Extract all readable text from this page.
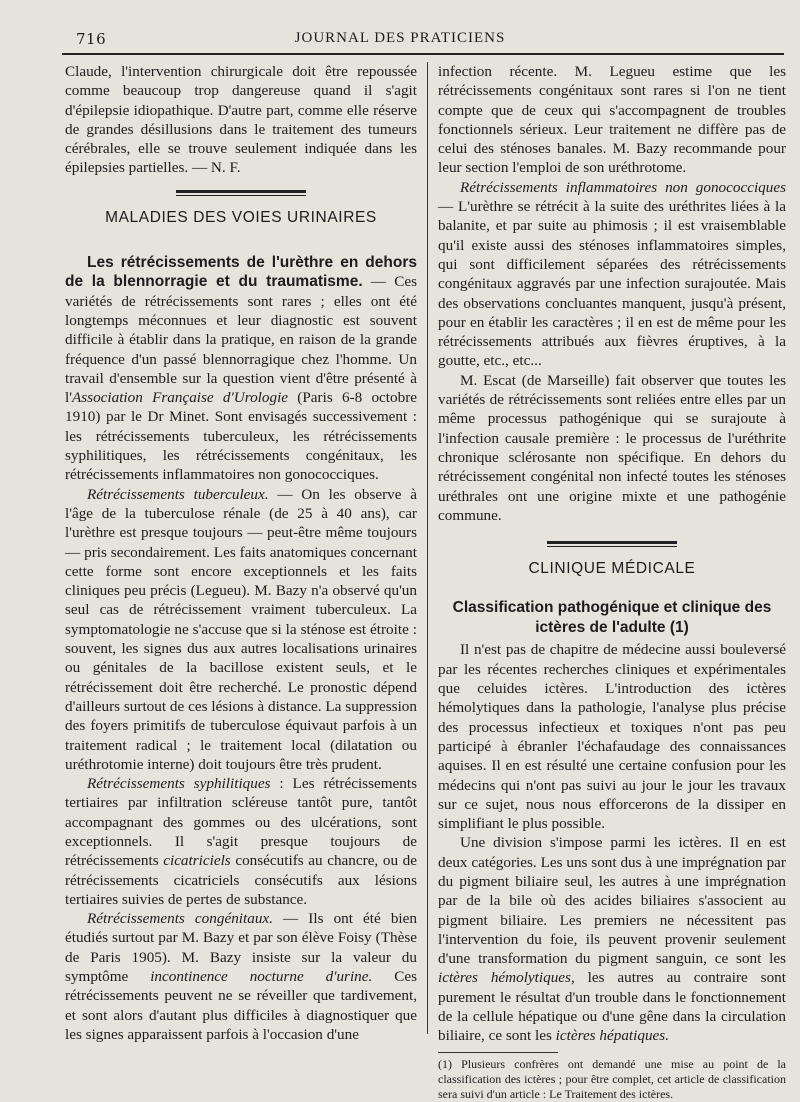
716	JOURNAL DES PRATICIENS

Claude, l'intervention chirurgicale doit être repoussée comme beaucoup trop dangereuse quand il s'agit d'épilepsie idiopathique. D'autre part, comme elle réserve de grandes désillusions dans le traitement des tumeurs cérébrales, elle se trouve seulement indiquée dans les épilepsies partielles. — N. F.

MALADIES DES VOIES URINAIRES

Les rétrécissements de l'urèthre en dehors de la blennorragie et du traumatisme. — Ces variétés de rétrécissements sont rares ; elles ont été longtemps méconnues et leur diagnostic est souvent difficile à établir dans la pratique, en raison de la grande fréquence d'un passé blennorragique chez l'homme. Un travail d'ensemble sur la question vient d'être présenté à l'Association Française d'Urologie (Paris 6-8 octobre 1910) par le Dr Minet. Sont envisagés successivement : les rétrécissements tuberculeux, les rétrécissements syphilitiques, les rétrécissements congénitaux, les rétrécissements inflammatoires non gonococciques.

Rétrécissements tuberculeux. — On les observe à l'âge de la tuberculose rénale (de 25 à 40 ans), car l'urèthre est presque toujours — peut-être même toujours — pris secondairement. Les faits anatomiques concernant cette forme sont encore exceptionnels et les faits cliniques peu précis (Legueu). M. Bazy n'a observé qu'un seul cas de rétrécissement vraiment tuberculeux. La symptomatologie ne s'accuse que si la sténose est étroite : souvent, les signes dus aux autres localisations urinaires ou génitales de la bacillose existent seuls, et le rétrécissement doit être recherché. Le pronostic dépend d'ailleurs surtout de ces lésions à distance. La suppression des foyers primitifs de tuberculose équivaut parfois à un traitement radical ; le traitement local (dilatation ou uréthrotomie interne) doit toujours être très prudent.

Rétrécissements syphilitiques : Les rétrécissements tertiaires par infiltration scléreuse tantôt pure, tantôt accompagnant des gommes ou des ulcérations, sont exceptionnels. Il s'agit presque toujours de rétrécissements cicatriciels consécutifs au chancre, ou de rétrécissements cicatriciels consécutifs aux lésions tertiaires suivies de pertes de substance.

Rétrécissements congénitaux. — Ils ont été bien étudiés surtout par M. Bazy et par son élève Foisy (Thèse de Paris 1905). M. Bazy insiste sur la valeur du symptôme incontinence nocturne d'urine. Ces rétrécissements peuvent ne se réveiller que tardivement, et sont alors d'autant plus difficiles à diagnostiquer que les signes apparaissent parfois à l'occasion d'une

infection récente. M. Legueu estime que les rétrécissements congénitaux sont rares si l'on ne tient compte que de ceux qui s'accompagnent de troubles fonctionnels sérieux. Leur traitement ne diffère pas de celui des sténoses banales. M. Bazy recommande pour leur section l'emploi de son uréthrotome.

Rétrécissements inflammatoires non gonococciques — L'urèthre se rétrécit à la suite des uréthrites liées à la balanite, et par suite au phimosis ; il est vraisemblable qu'il existe aussi des sténoses inflammatoires simples, qui sont difficilement séparées des rétrécissements congénitaux aggravés par une infection surajoutée. Mais des observations concluantes manquent, jusqu'à présent, pour en établir les caractères ; il en est de même pour les rétrécissements attribués aux fièvres éruptives, à la goutte, etc., etc...

M. Escat (de Marseille) fait observer que toutes les variétés de rétrécissements sont reliées entre elles par un même processus pathogénique qui se surajoute à l'infection causale première : le processus de l'uréthrite chronique sclérosante non spécifique. En dehors du rétrécissement congénital non infecté toutes les sténoses uréthrales ont une origine mixte et une pathogénie commune.

CLINIQUE MÉDICALE
Classification pathogénique et clinique des ictères de l'adulte (1)

Il n'est pas de chapitre de médecine aussi bouleversé par les récentes recherches cliniques et expérimentales que celuides ictères. L'introduction des ictères hémolytiques dans la pathologie, l'analyse plus précise des processus infectieux et toxiques n'ont pas peu participé à ébranler l'échafaudage des connaissances aquises. Il en est résulté une certaine confusion pour les médecins qui n'ont pas suivi au jour le jour les travaux sur ce sujet, nous nous efforcerons de la dissiper en simplifiant le plus possible.

Une division s'impose parmi les ictères. Il en est deux catégories. Les uns sont dus à une imprégnation par du pigment biliaire seul, les autres à une imprégnation par de la bile où des acides biliaires s'associent au pigment biliaire. Les premiers ne nécessitent pas l'intervention du foie, ils peuvent provenir seulement d'une transformation du pigment sanguin, ce sont les ictères hémolytiques, les autres au contraire sont purement le résultat d'un trouble dans le fonctionnement de la cellule hépatique ou d'une gêne dans la circulation biliaire, ce sont les ictères hépatiques.

(1) Plusieurs confrères ont demandé une mise au point de la classification des ictères ; pour être complet, cet article de classification sera suivi d'un article : Le Traitement des ictères.
